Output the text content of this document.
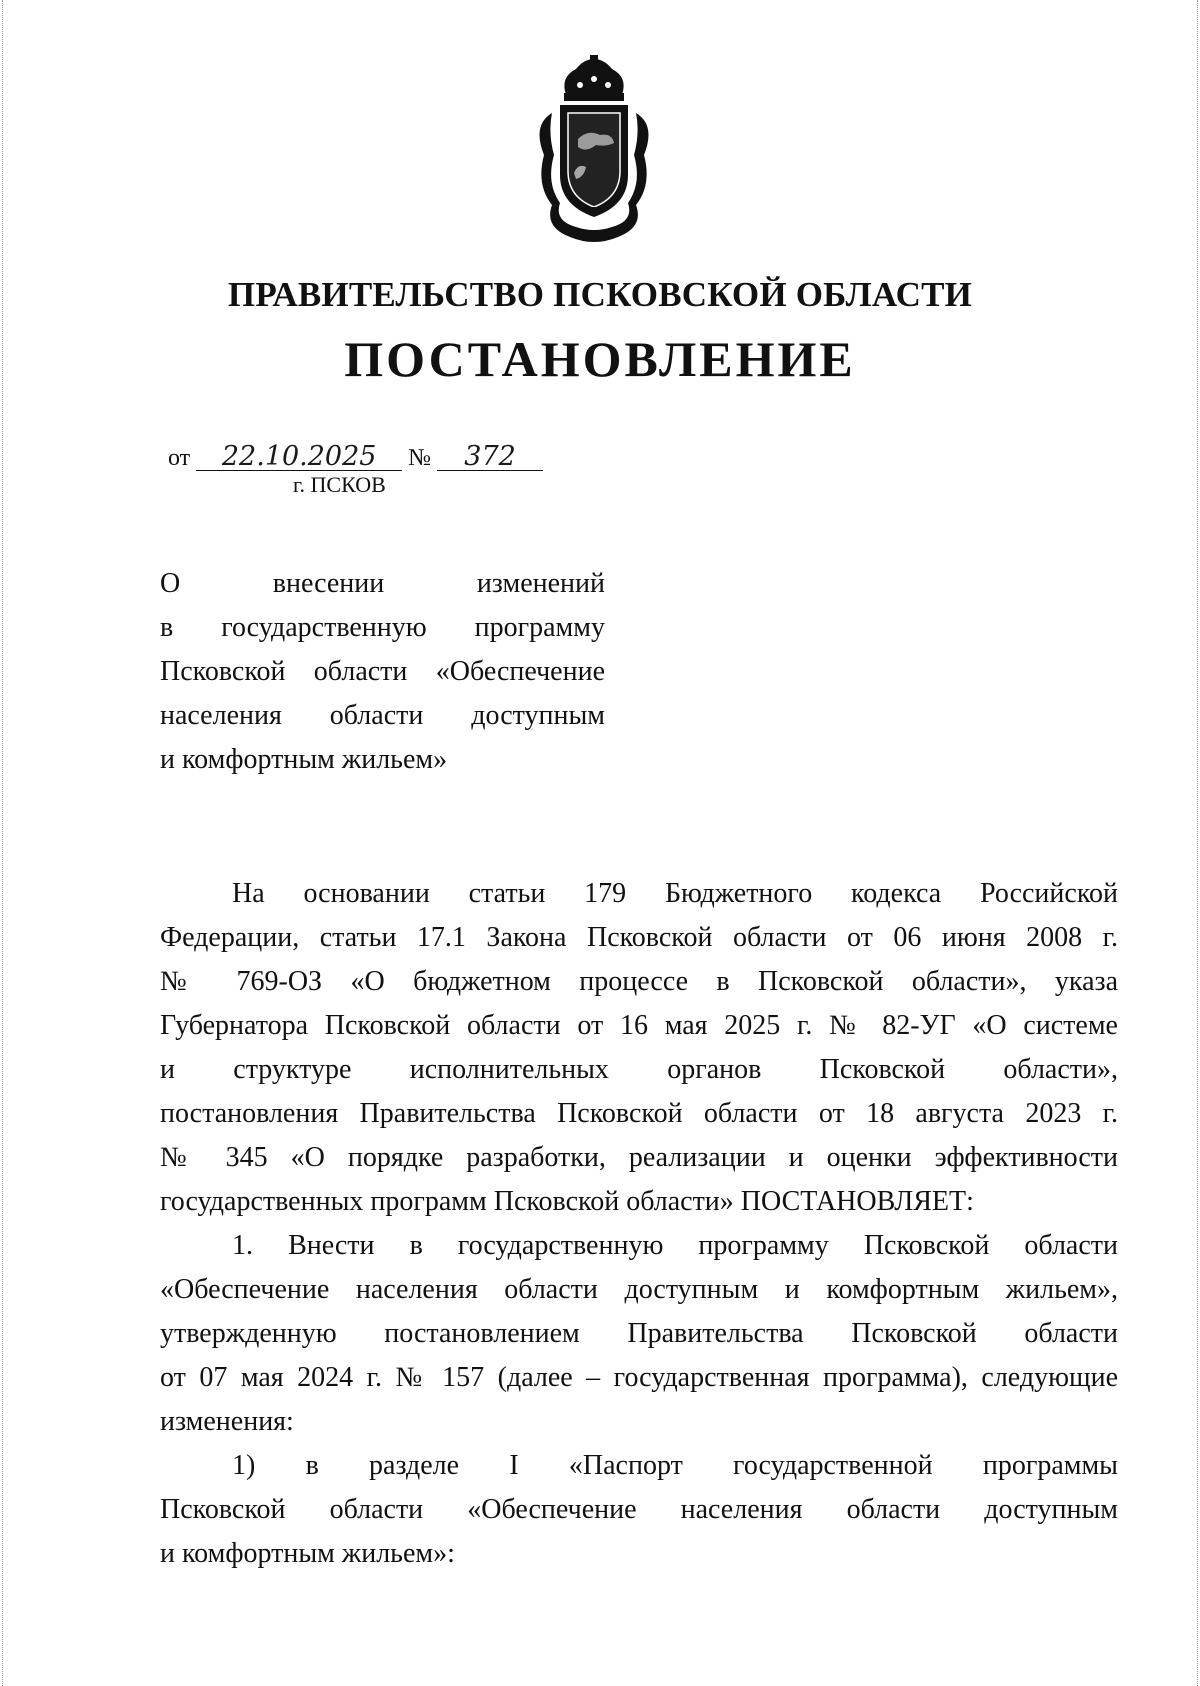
ПРАВИТЕЛЬСТВО ПСКОВСКОЙ ОБЛАСТИ
ПОСТАНОВЛЕНИЕ
от 22.10.2025 № 372
г. ПСКОВ
О внесении изменений
в государственную программу
Псковской области «Обеспечение
населения области доступным
и комфортным жильем»
На основании статьи 179 Бюджетного кодекса Российской
Федерации, статьи 17.1 Закона Псковской области от 06 июня 2008 г.
№ 769-ОЗ «О бюджетном процессе в Псковской области», указа
Губернатора Псковской области от 16 мая 2025 г. № 82-УГ «О системе
и структуре исполнительных органов Псковской области»,
постановления Правительства Псковской области от 18 августа 2023 г.
№ 345 «О порядке разработки, реализации и оценки эффективности
государственных программ Псковской области» ПОСТАНОВЛЯЕТ:
1. Внести в государственную программу Псковской области
«Обеспечение населения области доступным и комфортным жильем»,
утвержденную постановлением Правительства Псковской области
от 07 мая 2024 г. № 157 (далее – государственная программа), следующие
изменения:
1) в разделе I «Паспорт государственной программы
Псковской области «Обеспечение населения области доступным
и комфортным жильем»:
